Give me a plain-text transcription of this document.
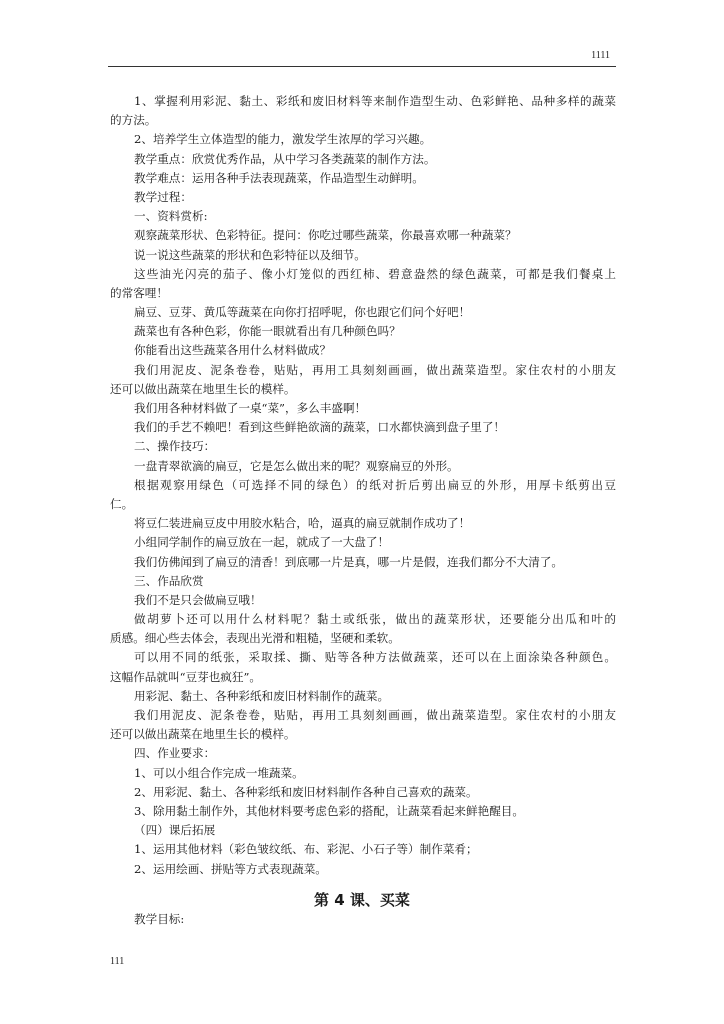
1111
1、掌握利用彩泥、黏土、彩纸和废旧材料等来制作造型生动、色彩鲜艳、品种多样的蔬菜
的方法。
2、培养学生立体造型的能力，激发学生浓厚的学习兴趣。
教学重点：欣赏优秀作品，从中学习各类蔬菜的制作方法。
教学难点：运用各种手法表现蔬菜，作品造型生动鲜明。
教学过程：
一、资料赏析:
观察蔬菜形状、色彩特征。提问：你吃过哪些蔬菜，你最喜欢哪一种蔬菜？
说一说这些蔬菜的形状和色彩特征以及细节。
这些油光闪亮的茄子、像小灯笼似的西红柿、碧意盎然的绿色蔬菜，可都是我们餐桌上
的常客哩！
扁豆、豆芽、黄瓜等蔬菜在向你打招呼呢，你也跟它们问个好吧！
蔬菜也有各种色彩，你能一眼就看出有几种颜色吗？
你能看出这些蔬菜各用什么材料做成？
我们用泥皮、泥条卷卷，贴贴，再用工具刻刻画画，做出蔬菜造型。家住农村的小朋友
还可以做出蔬菜在地里生长的模样。
我们用各种材料做了一桌“菜”，多么丰盛啊！
我们的手艺不赖吧！看到这些鲜艳欲滴的蔬菜，口水都快滴到盘子里了！
二、操作技巧：
一盘青翠欲滴的扁豆，它是怎么做出来的呢？观察扁豆的外形。
根据观察用绿色（可选择不同的绿色）的纸对折后剪出扁豆的外形，用厚卡纸剪出豆
仁。
将豆仁装进扁豆皮中用胶水粘合，哈，逼真的扁豆就制作成功了！
小组同学制作的扁豆放在一起，就成了一大盘了！
我们仿佛闻到了扁豆的清香！到底哪一片是真，哪一片是假，连我们都分不大清了。
三、作品欣赏
我们不是只会做扁豆哦！
做胡萝卜还可以用什么材料呢？黏土或纸张，做出的蔬菜形状，还要能分出瓜和叶的
质感。细心些去体会，表现出光滑和粗糙，坚硬和柔软。
可以用不同的纸张，采取揉、撕、贴等各种方法做蔬菜，还可以在上面涂染各种颜色。
这幅作品就叫“豆芽也疯狂”。
用彩泥、黏土、各种彩纸和废旧材料制作的蔬菜。
我们用泥皮、泥条卷卷，贴贴，再用工具刻刻画画，做出蔬菜造型。家住农村的小朋友
还可以做出蔬菜在地里生长的模样。
四、作业要求：
1、可以小组合作完成一堆蔬菜。
2、用彩泥、黏土、各种彩纸和废旧材料制作各种自己喜欢的蔬菜。
3、除用黏土制作外，其他材料要考虑色彩的搭配，让蔬菜看起来鲜艳醒目。
（四）课后拓展
1、运用其他材料（彩色皱纹纸、布、彩泥、小石子等）制作菜肴；
2、运用绘画、拼贴等方式表现蔬菜。
第 4 课、买菜
教学目标:
111
